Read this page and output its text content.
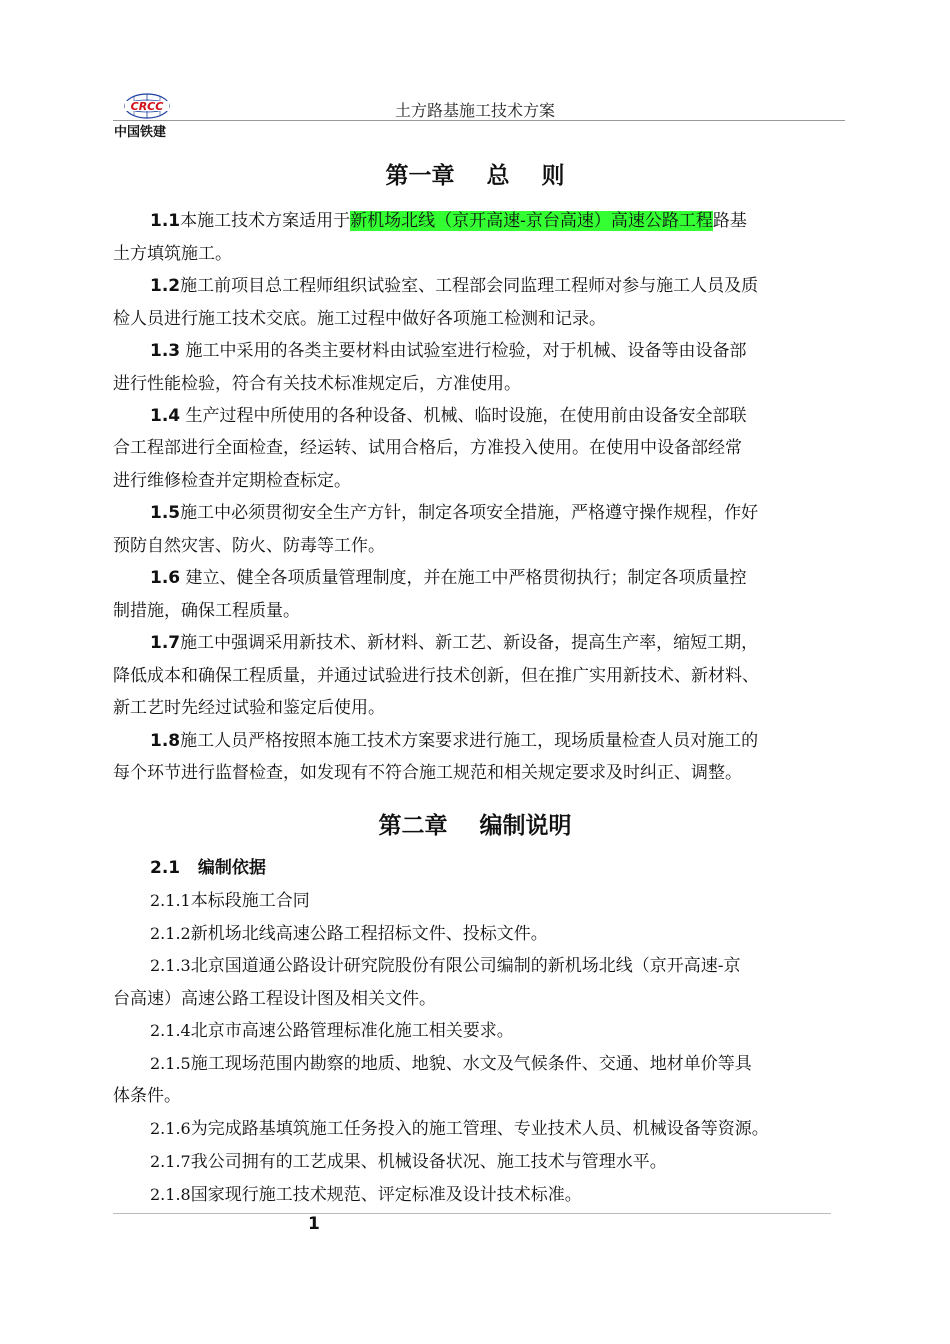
CRCC
中国铁建
土方路基施工技术方案
第一章    总    则
1.1本施工技术方案适用于新机场北线（京开高速-京台高速）高速公路工程路基
土方填筑施工。
1.2施工前项目总工程师组织试验室、工程部会同监理工程师对参与施工人员及质
检人员进行施工技术交底。施工过程中做好各项施工检测和记录。
1.3 施工中采用的各类主要材料由试验室进行检验，对于机械、设备等由设备部
进行性能检验，符合有关技术标准规定后，方准使用。
1.4 生产过程中所使用的各种设备、机械、临时设施，在使用前由设备安全部联
合工程部进行全面检查，经运转、试用合格后，方准投入使用。在使用中设备部经常
进行维修检查并定期检查标定。
1.5施工中必须贯彻安全生产方针，制定各项安全措施，严格遵守操作规程，作好
预防自然灾害、防火、防毒等工作。
1.6 建立、健全各项质量管理制度，并在施工中严格贯彻执行；制定各项质量控
制措施，确保工程质量。
1.7施工中强调采用新技术、新材料、新工艺、新设备，提高生产率，缩短工期，
降低成本和确保工程质量，并通过试验进行技术创新，但在推广实用新技术、新材料、
新工艺时先经过试验和鉴定后使用。
1.8施工人员严格按照本施工技术方案要求进行施工，现场质量检查人员对施工的
每个环节进行监督检查，如发现有不符合施工规范和相关规定要求及时纠正、调整。
第二章    编制说明
2.1   编制依据
2.1.1本标段施工合同
2.1.2新机场北线高速公路工程招标文件、投标文件。
2.1.3北京国道通公路设计研究院股份有限公司编制的新机场北线（京开高速-京
台高速）高速公路工程设计图及相关文件。
2.1.4北京市高速公路管理标准化施工相关要求。
2.1.5施工现场范围内勘察的地质、地貌、水文及气候条件、交通、地材单价等具
体条件。
2.1.6为完成路基填筑施工任务投入的施工管理、专业技术人员、机械设备等资源。
2.1.7我公司拥有的工艺成果、机械设备状况、施工技术与管理水平。
2.1.8国家现行施工技术规范、评定标准及设计技术标准。
1
